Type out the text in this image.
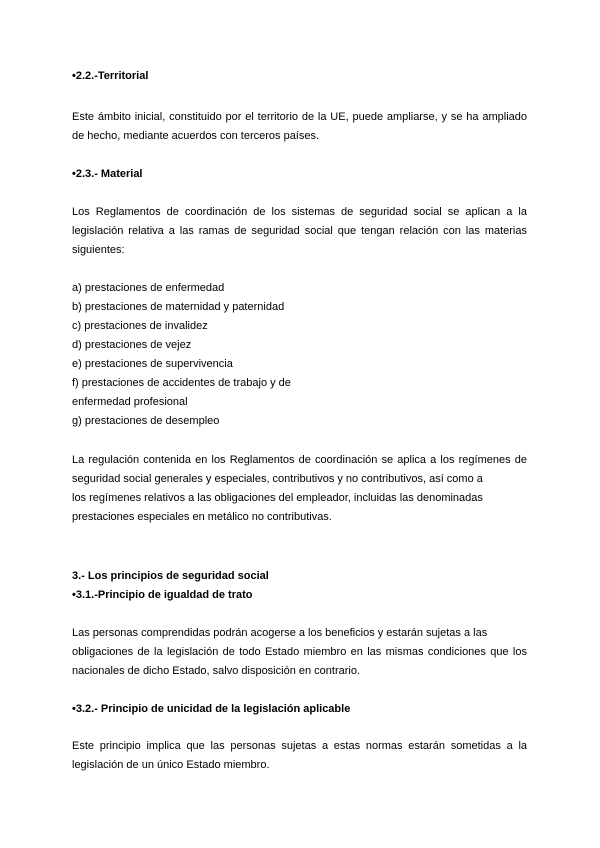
•2.2.-Territorial
Este ámbito inicial, constituido por el territorio de la UE, puede ampliarse, y se ha ampliado
de hecho, mediante acuerdos con terceros países.
•2.3.- Material
Los Reglamentos de coordinación de los sistemas de seguridad social se aplican a la
legislación relativa a las ramas de seguridad social que tengan relación con las materias
siguientes:
a) prestaciones de enfermedad
b) prestaciones de maternidad y paternidad
c) prestaciones de invalidez
d) prestaciones de vejez
e) prestaciones de supervivencia
f) prestaciones de accidentes de trabajo y de
enfermedad profesional
g) prestaciones de desempleo
La regulación contenida en los Reglamentos de coordinación se aplica a los regímenes de
seguridad social generales y especiales, contributivos y no contributivos, así como a
los regímenes relativos a las obligaciones del empleador, incluidas las denominadas
prestaciones especiales en metálico no contributivas.
3.- Los principios de seguridad social
•3.1.-Principio de igualdad de trato
Las personas comprendidas podrán acogerse a los beneficios y estarán sujetas a las
obligaciones de la legislación de todo Estado miembro en las mismas condiciones que los
nacionales de dicho Estado, salvo disposición en contrario.
•3.2.- Principio de unicidad de la legislación aplicable
Este principio implica que las personas sujetas a estas normas estarán sometidas a la
legislación de un único Estado miembro.
